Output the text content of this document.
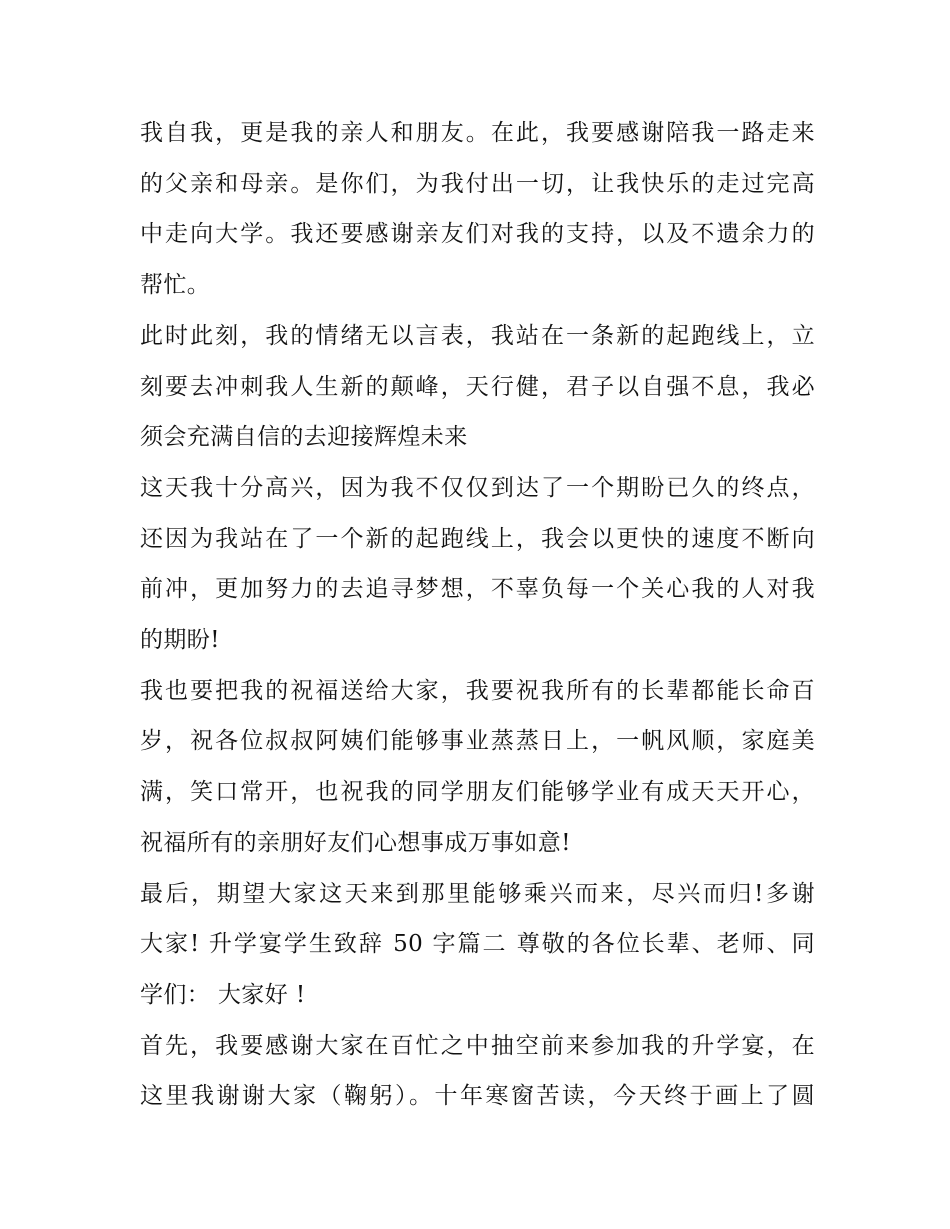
我自我，更是我的亲人和朋友。在此，我要感谢陪我一路走来
的父亲和母亲。是你们，为我付出一切，让我快乐的走过完高
中走向大学。我还要感谢亲友们对我的支持，以及不遗余力的
帮忙。

此时此刻，我的情绪无以言表，我站在一条新的起跑线上，立
刻要去冲刺我人生新的颠峰，天行健，君子以自强不息，我必
须会充满自信的去迎接辉煌未来

这天我十分高兴，因为我不仅仅到达了一个期盼已久的终点，
还因为我站在了一个新的起跑线上，我会以更快的速度不断向
前冲，更加努力的去追寻梦想，不辜负每一个关心我的人对我
的期盼!

我也要把我的祝福送给大家，我要祝我所有的长辈都能长命百
岁，祝各位叔叔阿姨们能够事业蒸蒸日上，一帆风顺，家庭美
满，笑口常开，也祝我的同学朋友们能够学业有成天天开心，
祝福所有的亲朋好友们心想事成万事如意!

最后，期望大家这天来到那里能够乘兴而来，尽兴而归!多谢
大家! 升学宴学生致辞 50 字篇二 尊敬的各位长辈、老师、同
学们： 大家好 !

首先，我要感谢大家在百忙之中抽空前来参加我的升学宴，在
这里我谢谢大家（鞠躬）。十年寒窗苦读，今天终于画上了圆
